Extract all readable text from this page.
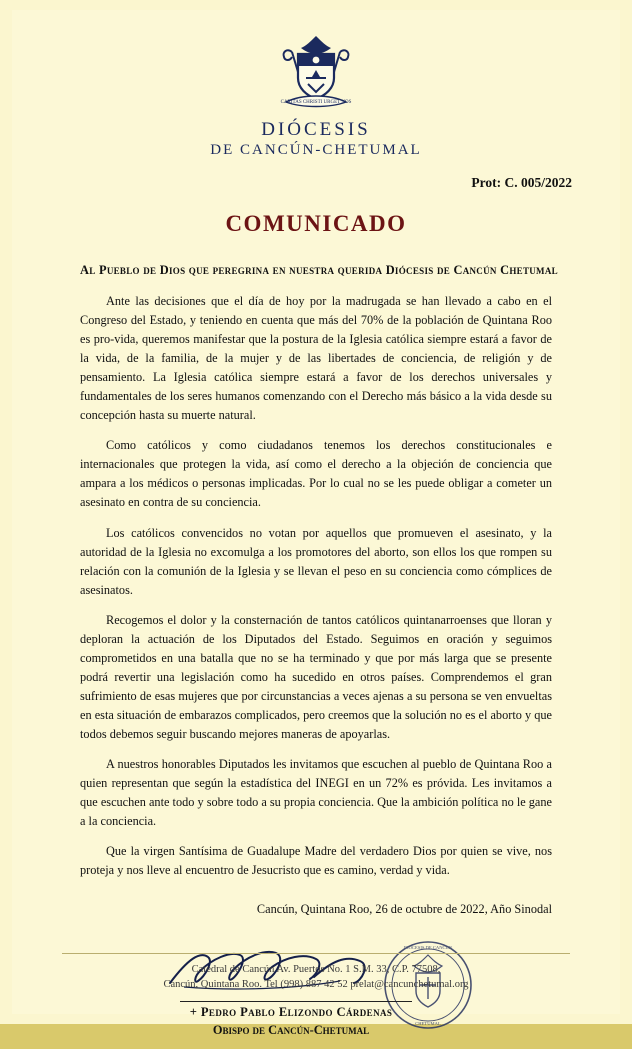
CARITAS CHRISTI URGET NOS
DIÓCESIS
DE CANCÚN-CHETUMAL
Prot: C. 005/2022
COMUNICADO
Al Pueblo de Dios que peregrina en nuestra querida Diócesis de Cancún Chetumal

Ante las decisiones que el día de hoy por la madrugada se han llevado a cabo en el Congreso del Estado, y teniendo en cuenta que más del 70% de la población de Quintana Roo es pro-vida, queremos manifestar que la postura de la Iglesia católica siempre estará a favor de la vida, de la familia, de la mujer y de las libertades de conciencia, de religión y de pensamiento. La Iglesia católica siempre estará a favor de los derechos universales y fundamentales de los seres humanos comenzando con el Derecho más básico a la vida desde su concepción hasta su muerte natural.

Como católicos y como ciudadanos tenemos los derechos constitucionales e internacionales que protegen la vida, así como el derecho a la objeción de conciencia que ampara a los médicos o personas implicadas. Por lo cual no se les puede obligar a cometer un asesinato en contra de su conciencia.

Los católicos convencidos no votan por aquellos que promueven el asesinato, y la autoridad de la Iglesia no excomulga a los promotores del aborto, son ellos los que rompen su relación con la comunión de la Iglesia y se llevan el peso en su conciencia como cómplices de asesinatos.

Recogemos el dolor y la consternación de tantos católicos quintanarroenses que lloran y deploran la actuación de los Diputados del Estado. Seguimos en oración y seguimos comprometidos en una batalla que no se ha terminado y que por más larga que se presente podrá revertir una legislación como ha sucedido en otros países. Comprendemos el gran sufrimiento de esas mujeres que por circunstancias a veces ajenas a su persona se ven envueltas en esta situación de embarazos complicados, pero creemos que la solución no es el aborto y que todos debemos seguir buscando mejores maneras de apoyarlas.

A nuestros honorables Diputados les invitamos que escuchen al pueblo de Quintana Roo a quien representan que según la estadística del INEGI en un 72% es próvida. Les invitamos a que escuchen ante todo y sobre todo a su propia conciencia. Que la ambición política no le gane a la conciencia.

Que la virgen Santísima de Guadalupe Madre del verdadero Dios por quien se vive, nos proteja y nos lleve al encuentro de Jesucristo que es camino, verdad y vida.

Cancún, Quintana Roo, 26 de octubre de 2022, Año Sinodal
DIOCESIS DE CANCUN
CHETUMAL
+ Pedro Pablo Elizondo Cárdenas
Obispo de Cancún-Chetumal
Catedral de Cancún Av. Puertos No. 1 S.M. 33, C.P. 77508,
Cancún, Quintana Roo. Tel (998) 887 42 52 prelat@cancunchetumal.org
